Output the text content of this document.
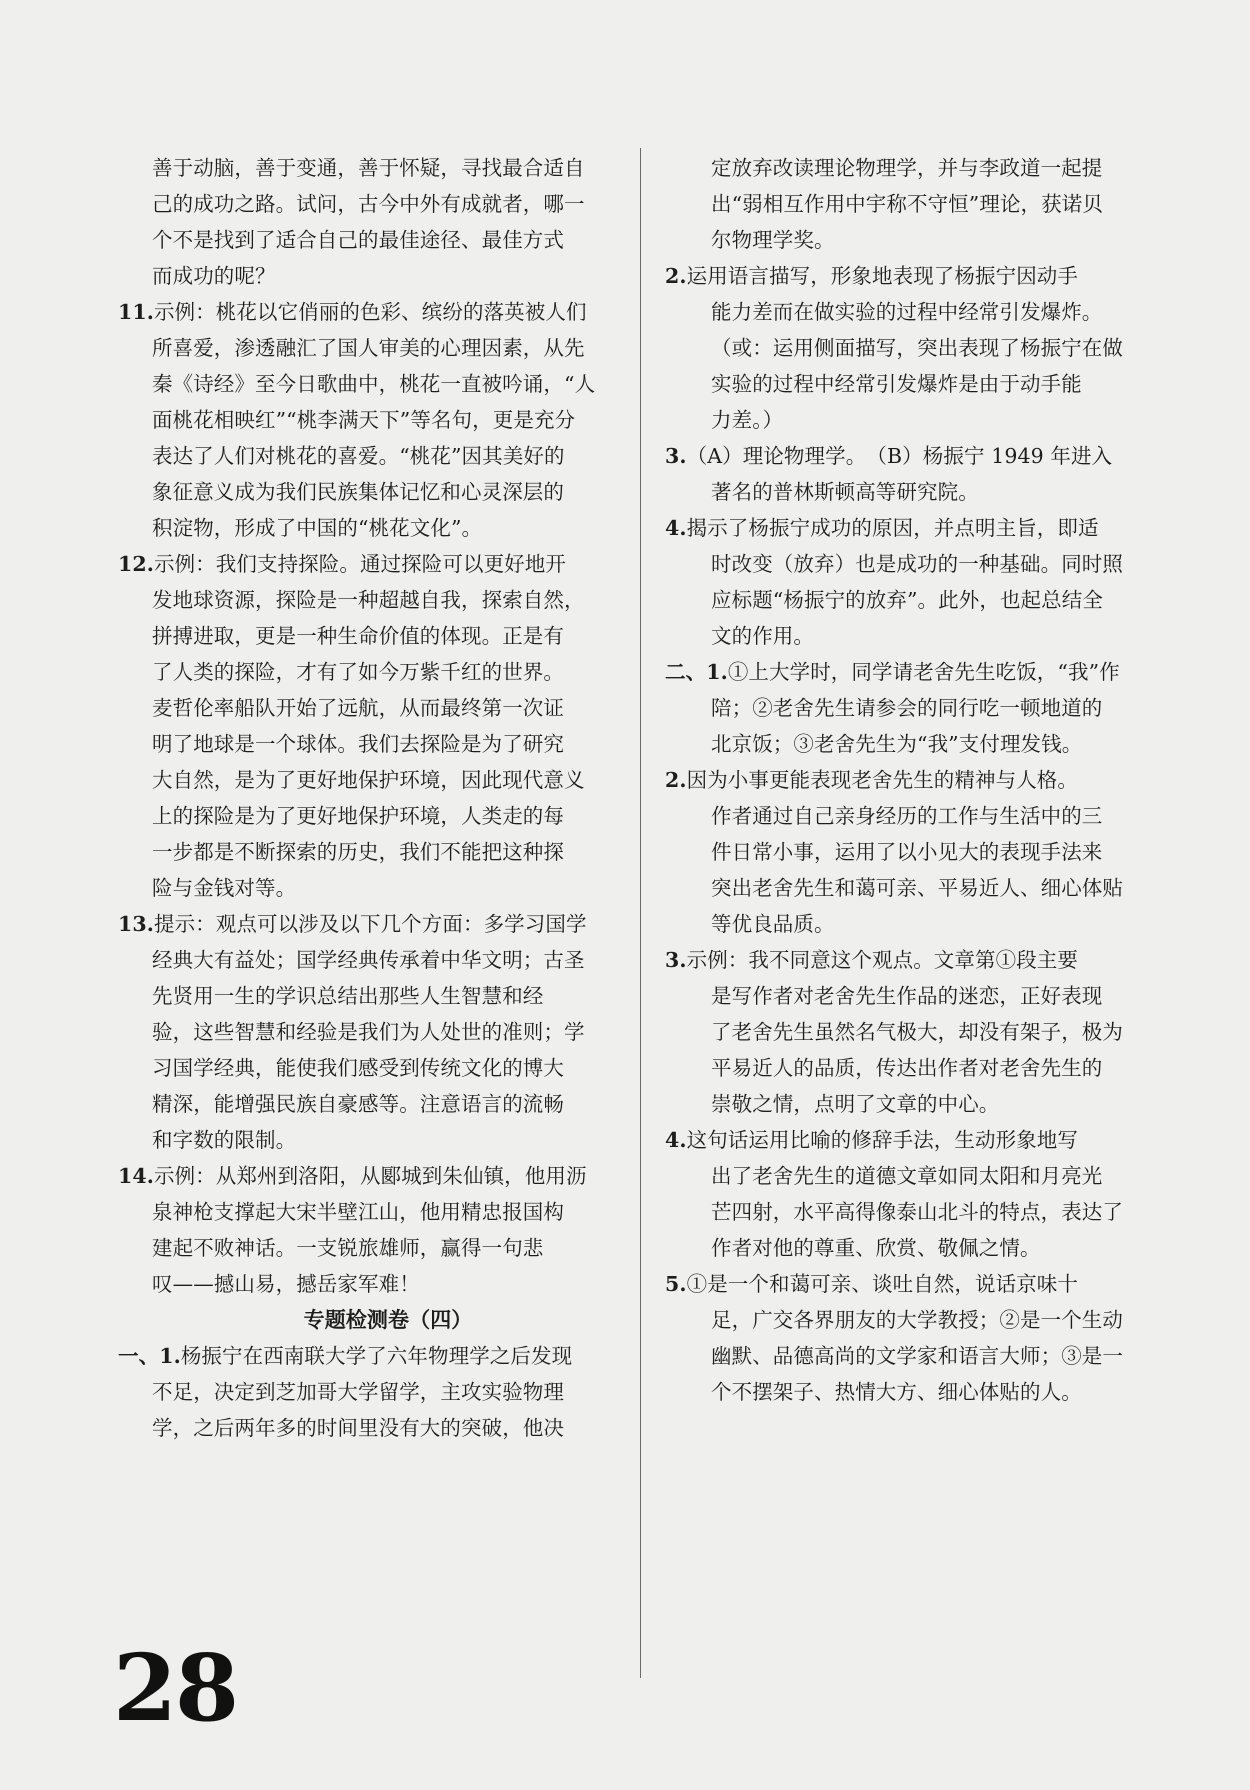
善于动脑，善于变通，善于怀疑，寻找最合适自

己的成功之路。试问，古今中外有成就者，哪一

个不是找到了适合自己的最佳途径、最佳方式

而成功的呢？

11.示例：桃花以它俏丽的色彩、缤纷的落英被人们

所喜爱，渗透融汇了国人审美的心理因素，从先

秦《诗经》至今日歌曲中，桃花一直被吟诵，“人

面桃花相映红”“桃李满天下”等名句，更是充分

表达了人们对桃花的喜爱。“桃花”因其美好的

象征意义成为我们民族集体记忆和心灵深层的

积淀物，形成了中国的“桃花文化”。

12.示例：我们支持探险。通过探险可以更好地开

发地球资源，探险是一种超越自我，探索自然，

拼搏进取，更是一种生命价值的体现。正是有

了人类的探险，才有了如今万紫千红的世界。

麦哲伦率船队开始了远航，从而最终第一次证

明了地球是一个球体。我们去探险是为了研究

大自然，是为了更好地保护环境，因此现代意义

上的探险是为了更好地保护环境，人类走的每

一步都是不断探索的历史，我们不能把这种探

险与金钱对等。

13.提示：观点可以涉及以下几个方面：多学习国学

经典大有益处；国学经典传承着中华文明；古圣

先贤用一生的学识总结出那些人生智慧和经

验，这些智慧和经验是我们为人处世的准则；学

习国学经典，能使我们感受到传统文化的博大

精深，能增强民族自豪感等。注意语言的流畅

和字数的限制。

14.示例：从郑州到洛阳，从郾城到朱仙镇，他用沥

泉神枪支撑起大宋半壁江山，他用精忠报国构

建起不败神话。一支锐旅雄师，赢得一句悲

叹——撼山易，撼岳家军难！

专题检测卷（四）

一、1.杨振宁在西南联大学了六年物理学之后发现

不足，决定到芝加哥大学留学，主攻实验物理

学，之后两年多的时间里没有大的突破，他决

定放弃改读理论物理学，并与李政道一起提

出“弱相互作用中宇称不守恒”理论，获诺贝

尔物理学奖。

2.运用语言描写，形象地表现了杨振宁因动手

能力差而在做实验的过程中经常引发爆炸。

（或：运用侧面描写，突出表现了杨振宁在做

实验的过程中经常引发爆炸是由于动手能

力差。）

3.（A）理论物理学。　（B）杨振宁 1949 年进入

著名的普林斯顿高等研究院。

4.揭示了杨振宁成功的原因，并点明主旨，即适

时改变（放弃）也是成功的一种基础。同时照

应标题“杨振宁的放弃”。此外，也起总结全

文的作用。

二、1.①上大学时，同学请老舍先生吃饭，“我”作

陪；②老舍先生请参会的同行吃一顿地道的

北京饭；③老舍先生为“我”支付理发钱。

2.因为小事更能表现老舍先生的精神与人格。

作者通过自己亲身经历的工作与生活中的三

件日常小事，运用了以小见大的表现手法来

突出老舍先生和蔼可亲、平易近人、细心体贴

等优良品质。

3.示例：我不同意这个观点。文章第①段主要

是写作者对老舍先生作品的迷恋，正好表现

了老舍先生虽然名气极大，却没有架子，极为

平易近人的品质，传达出作者对老舍先生的

崇敬之情，点明了文章的中心。

4.这句话运用比喻的修辞手法，生动形象地写

出了老舍先生的道德文章如同太阳和月亮光

芒四射，水平高得像泰山北斗的特点，表达了

作者对他的尊重、欣赏、敬佩之情。

5.①是一个和蔼可亲、谈吐自然，说话京味十

足，广交各界朋友的大学教授；②是一个生动

幽默、品德高尚的文学家和语言大师；③是一

个不摆架子、热情大方、细心体贴的人。

28
